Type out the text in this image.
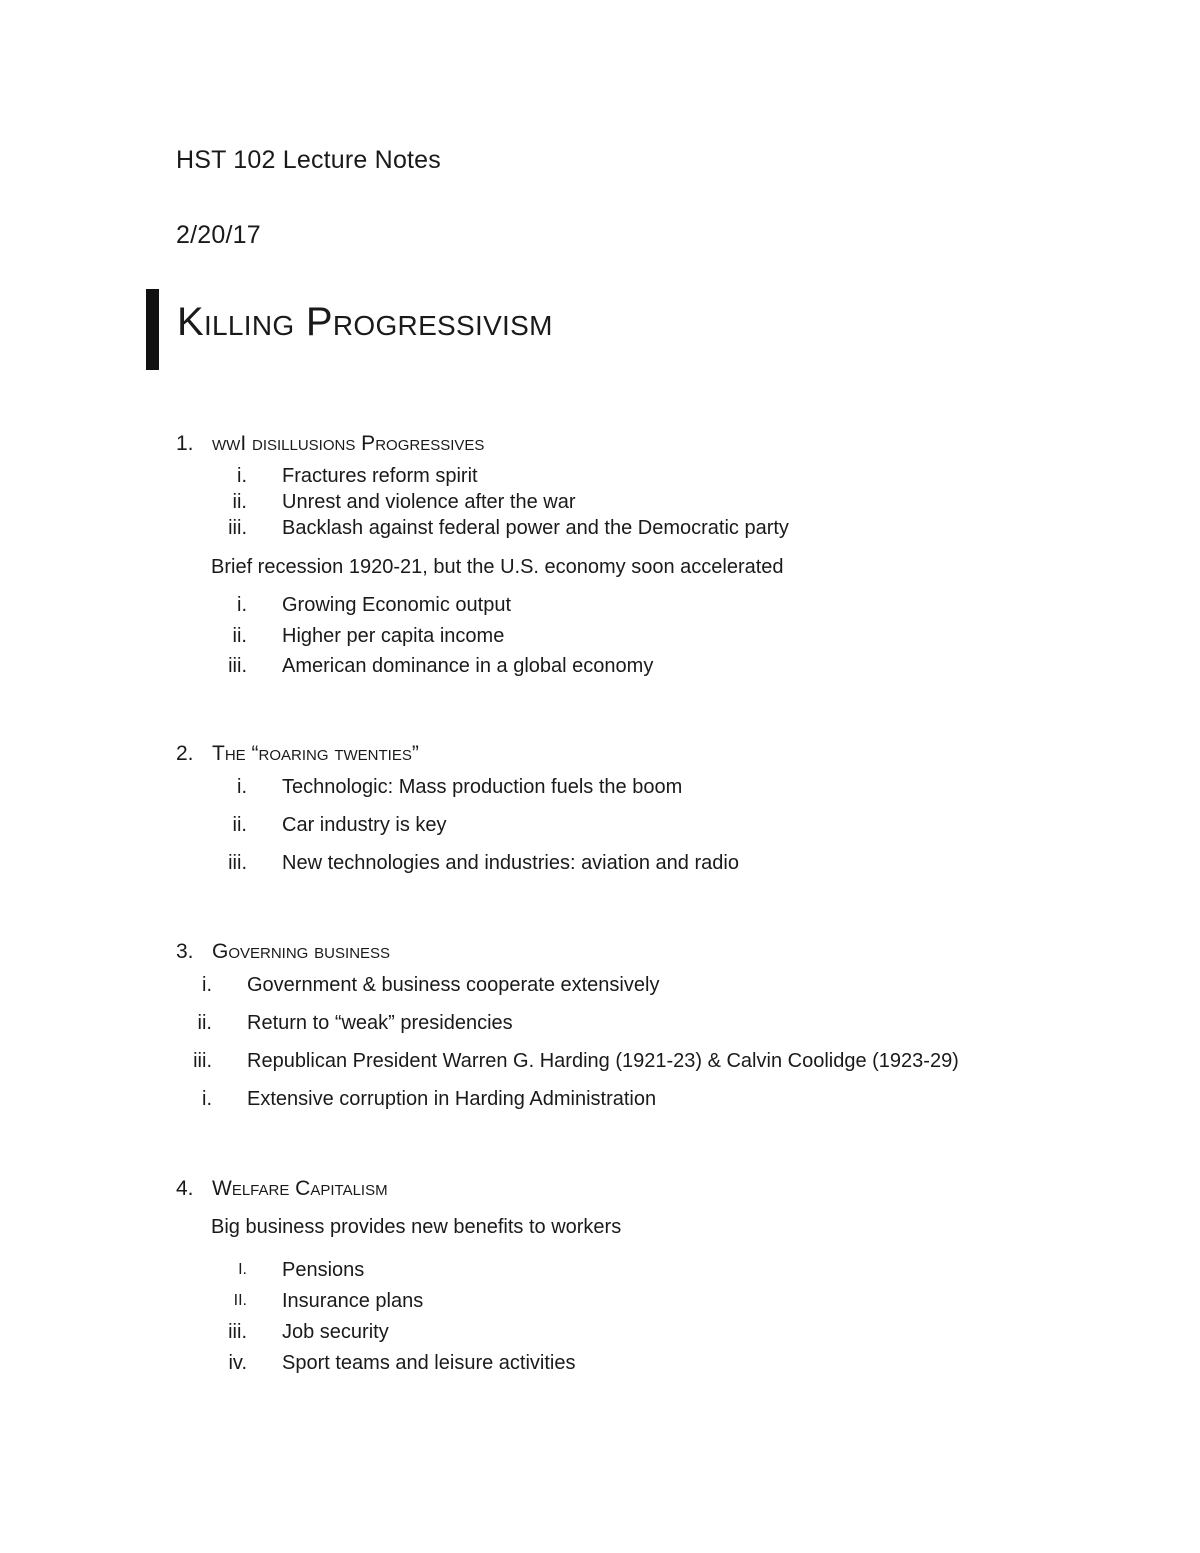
HST 102 Lecture Notes
2/20/17
Killing Progressivism
1. wwI disillusions Progressives
i. Fractures reform spirit
ii. Unrest and violence after the war
iii. Backlash against federal power and the Democratic party
Brief recession 1920-21, but the U.S. economy soon accelerated
i. Growing Economic output
ii. Higher per capita income
iii. American dominance in a global economy
2. The “roaring twenties”
i. Technologic: Mass production fuels the boom
ii. Car industry is key
iii. New technologies and industries: aviation and radio
3. Governing business
i. Government & business cooperate extensively
ii. Return to “weak” presidencies
iii. Republican President Warren G. Harding (1921-23) & Calvin Coolidge (1923-29)
i. Extensive corruption in Harding Administration
4. Welfare Capitalism
Big business provides new benefits to workers
I. Pensions
II. Insurance plans
iii. Job security
iv. Sport teams and leisure activities
